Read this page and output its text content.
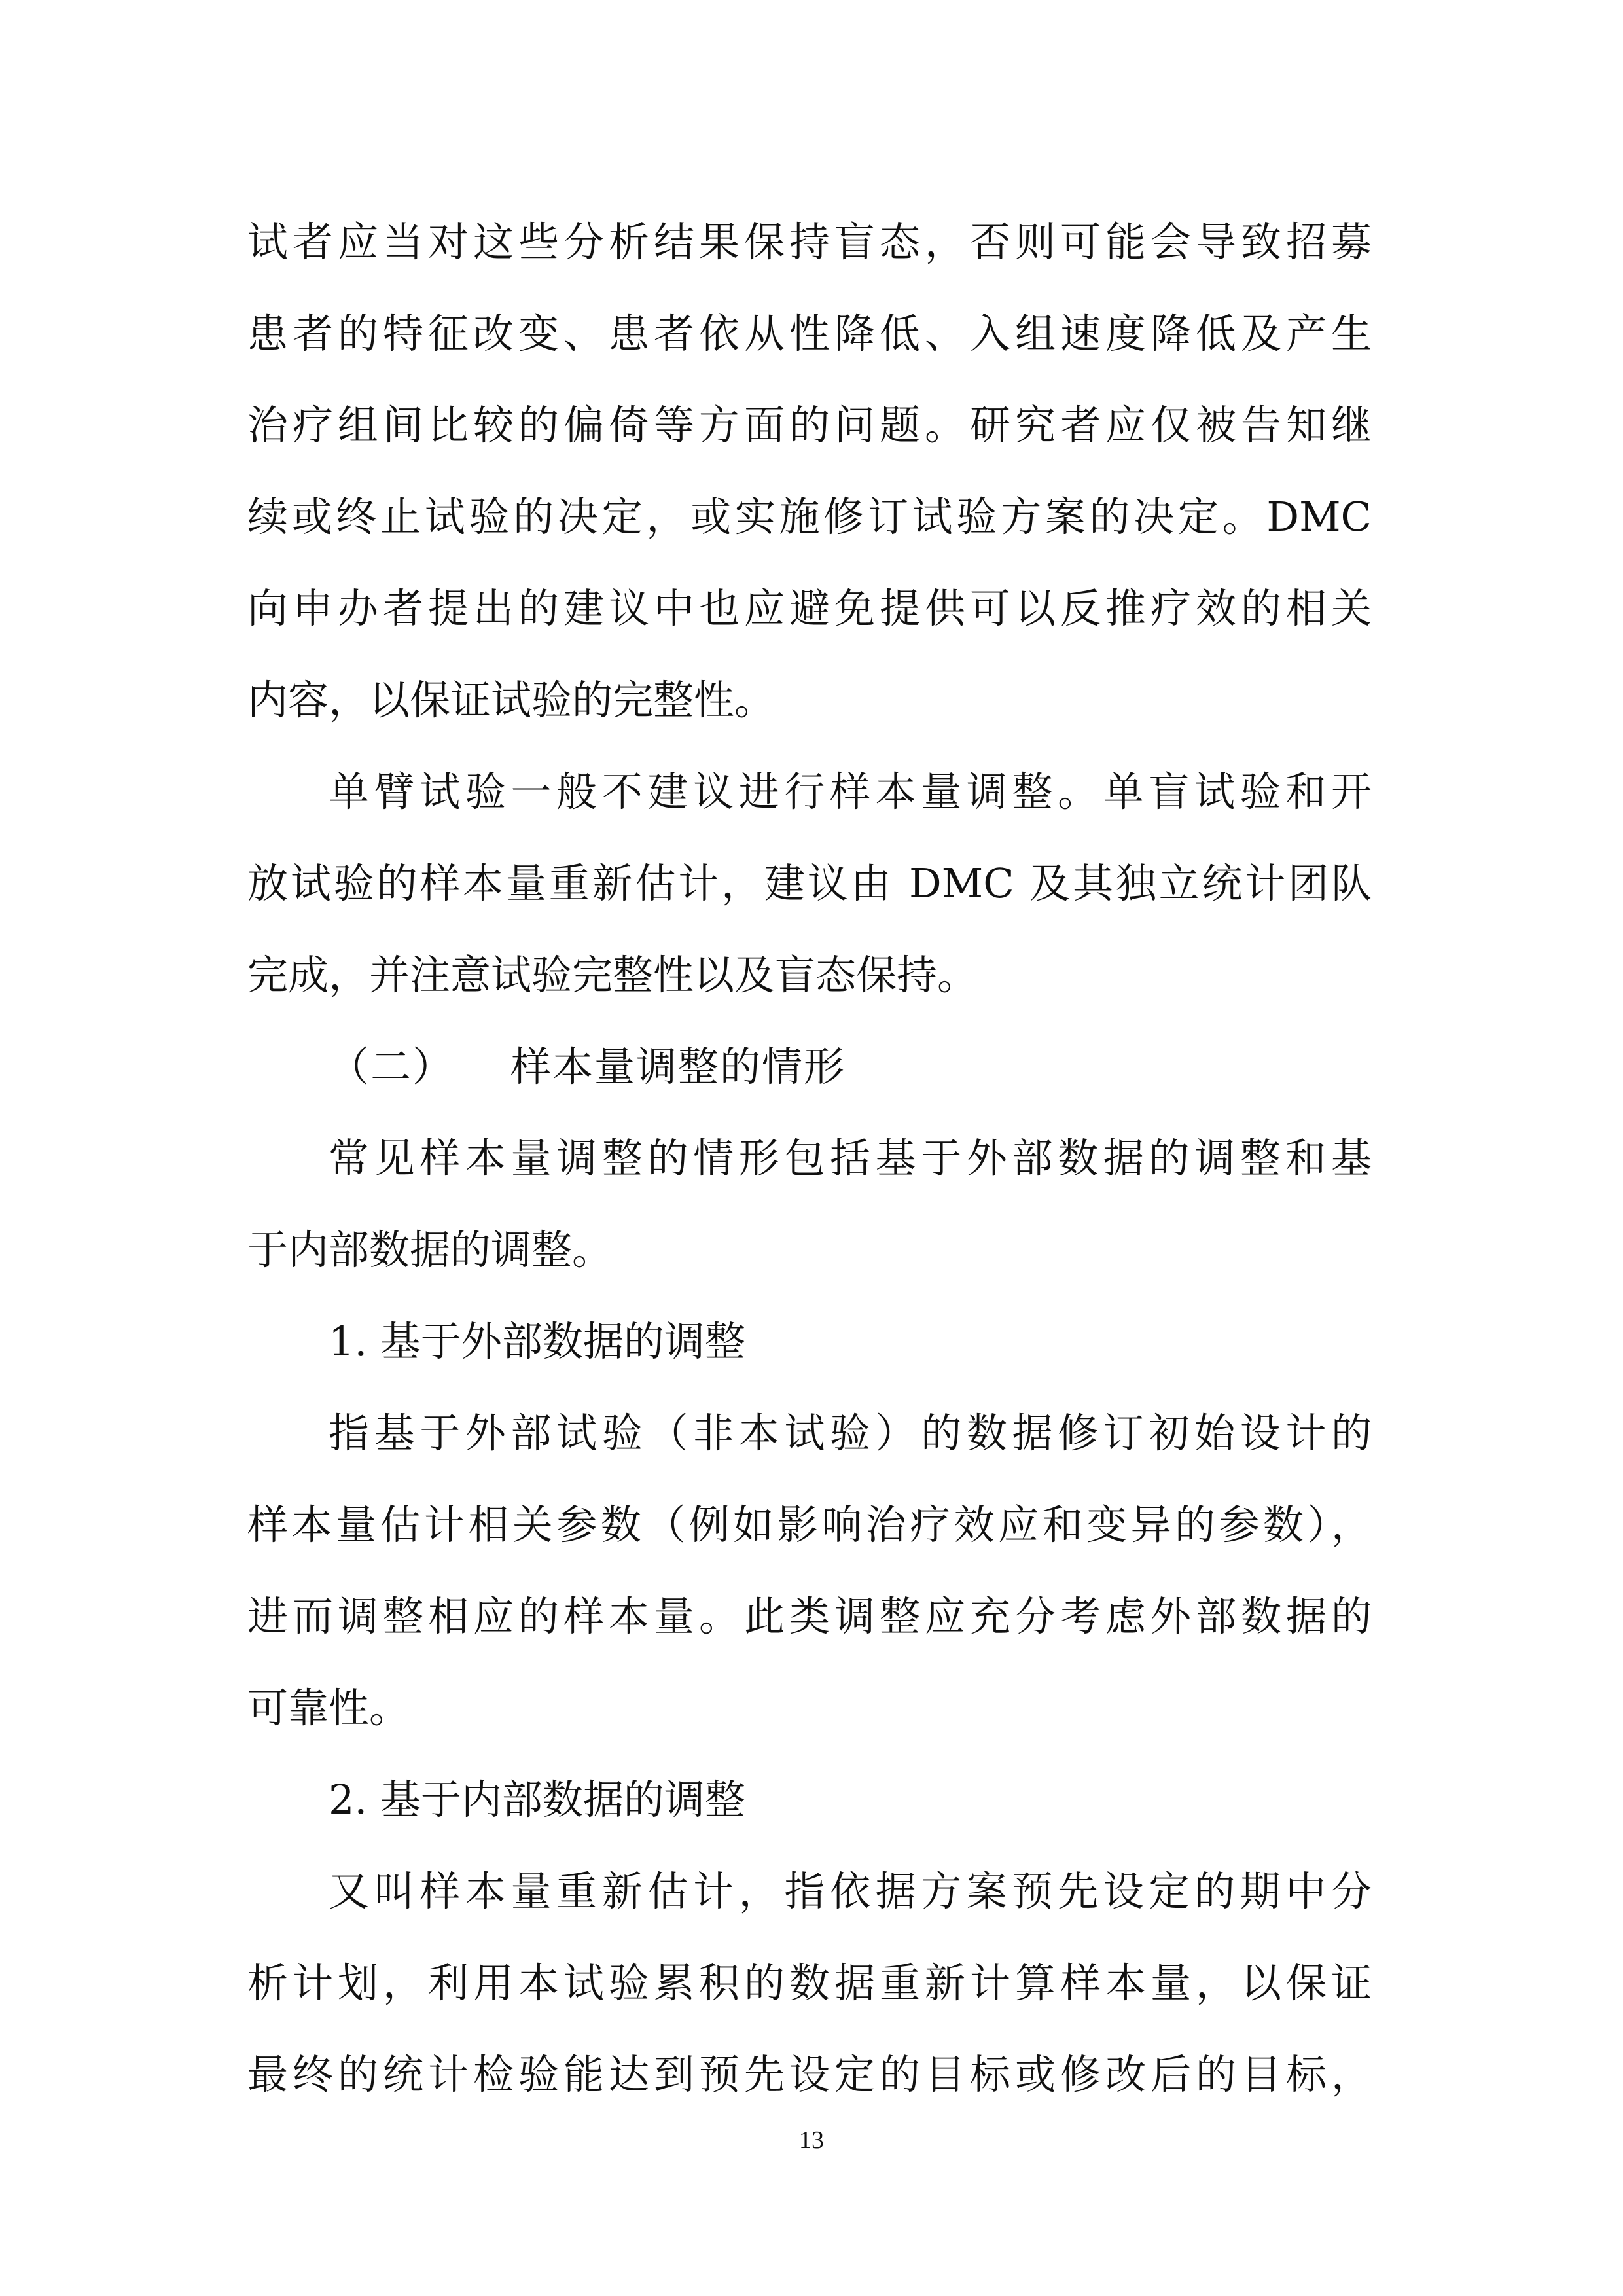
试者应当对这些分析结果保持盲态，否则可能会导致招募
患者的特征改变、患者依从性降低、入组速度降低及产生
治疗组间比较的偏倚等方面的问题。研究者应仅被告知继
续或终止试验的决定，或实施修订试验方案的决定。DMC
向申办者提出的建议中也应避免提供可以反推疗效的相关
内容，以保证试验的完整性。
单臂试验一般不建议进行样本量调整。单盲试验和开
放试验的样本量重新估计，建议由 DMC 及其独立统计团队
完成，并注意试验完整性以及盲态保持。
（二） 样本量调整的情形
常见样本量调整的情形包括基于外部数据的调整和基
于内部数据的调整。
1. 基于外部数据的调整
指基于外部试验（非本试验）的数据修订初始设计的
样本量估计相关参数（例如影响治疗效应和变异的参数），
进而调整相应的样本量。此类调整应充分考虑外部数据的
可靠性。
2. 基于内部数据的调整
又叫样本量重新估计，指依据方案预先设定的期中分
析计划，利用本试验累积的数据重新计算样本量，以保证
最终的统计检验能达到预先设定的目标或修改后的目标，
13
